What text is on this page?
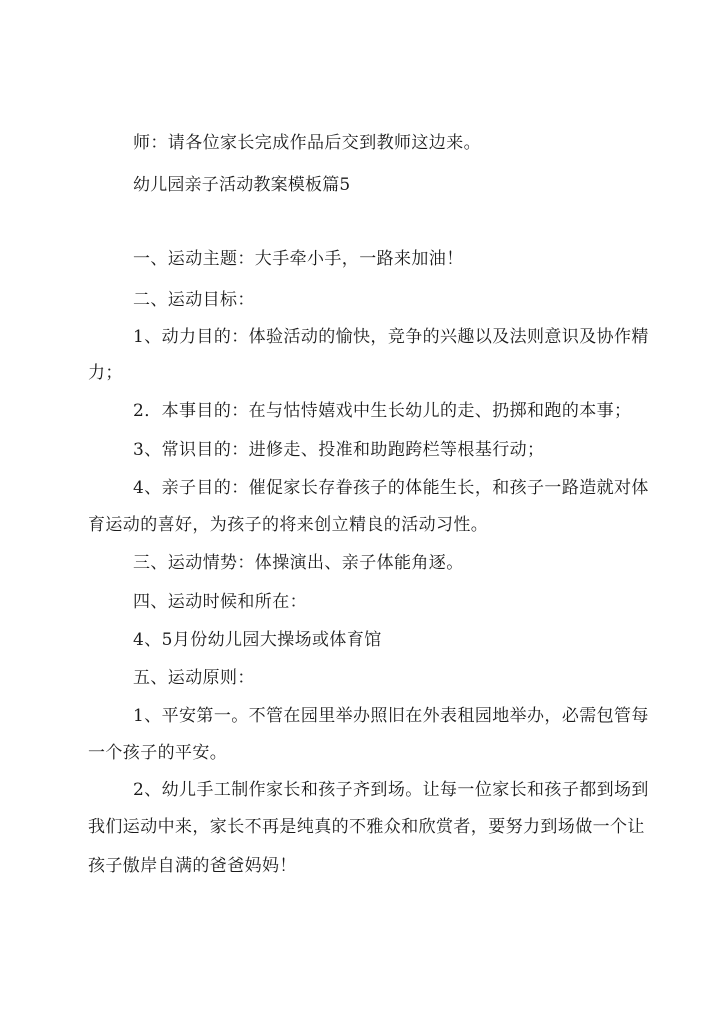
师：请各位家长完成作品后交到教师这边来。

幼儿园亲子活动教案模板篇5

一、运动主题：大手牵小手，一路来加油！

二、运动目标：

1、动力目的：体验活动的愉快，竞争的兴趣以及法则意识及协作精

力；

2．本事目的：在与怙恃嬉戏中生长幼儿的走、扔掷和跑的本事；

3、常识目的：进修走、投准和助跑跨栏等根基行动；

4、亲子目的：催促家长存眷孩子的体能生长，和孩子一路造就对体

育运动的喜好，为孩子的将来创立精良的活动习性。

三、运动情势：体操演出、亲子体能角逐。

四、运动时候和所在：

4、5月份幼儿园大操场或体育馆

五、运动原则：

1、平安第一。不管在园里举办照旧在外表租园地举办，必需包管每

一个孩子的平安。

2、幼儿手工制作家长和孩子齐到场。让每一位家长和孩子都到场到

我们运动中来，家长不再是纯真的不雅众和欣赏者，要努力到场做一个让

孩子傲岸自满的爸爸妈妈！
